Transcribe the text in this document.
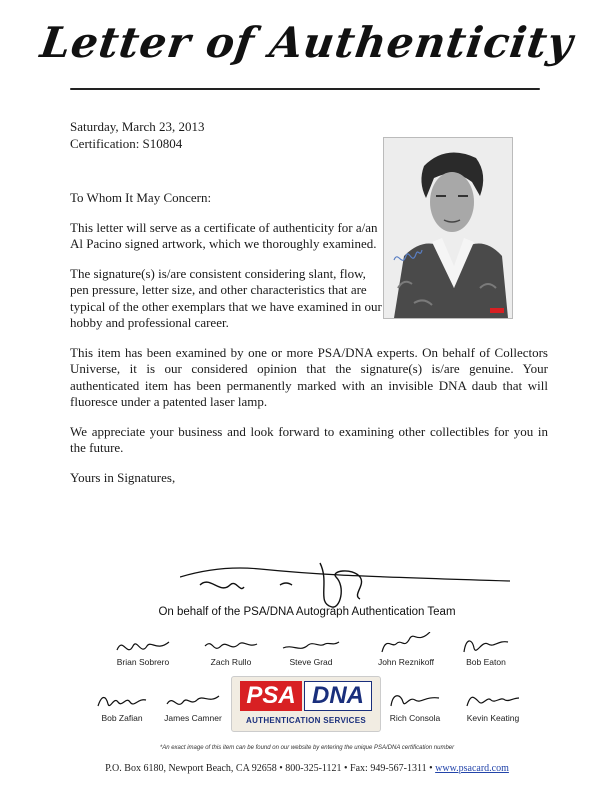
Letter of Authenticity
Saturday, March 23, 2013
Certification: S10804

To Whom It May Concern:

This letter will serve as a certificate of authenticity for a/an Al Pacino signed artwork, which we thoroughly examined.

The signature(s) is/are consistent considering slant, flow, pen pressure, letter size, and other characteristics that are typical of the other exemplars that we have examined in our hobby and professional career.

This item has been examined by one or more PSA/DNA experts. On behalf of Collectors Universe, it is our considered opinion that the signature(s) is/are genuine. Your authenticated item has been permanently marked with an invisible DNA daub that will fluoresce under a patented laser lamp.

We appreciate your business and look forward to examining other collectibles for you in the future.

Yours in Signatures,

On behalf of the PSA/DNA Autograph Authentication Team
Brian Sobrero	Zach Rullo	Steve Grad	John Reznikoff	Bob Eaton
Bob Zafian	James Camner	Rich Consola	Kevin Keating
PSA DNA
AUTHENTICATION SERVICES
*An exact image of this item can be found on our website by entering the unique PSA/DNA certification number
P.O. Box 6180, Newport Beach, CA 92658 • 800-325-1121 • Fax: 949-567-1311 • www.psacard.com
